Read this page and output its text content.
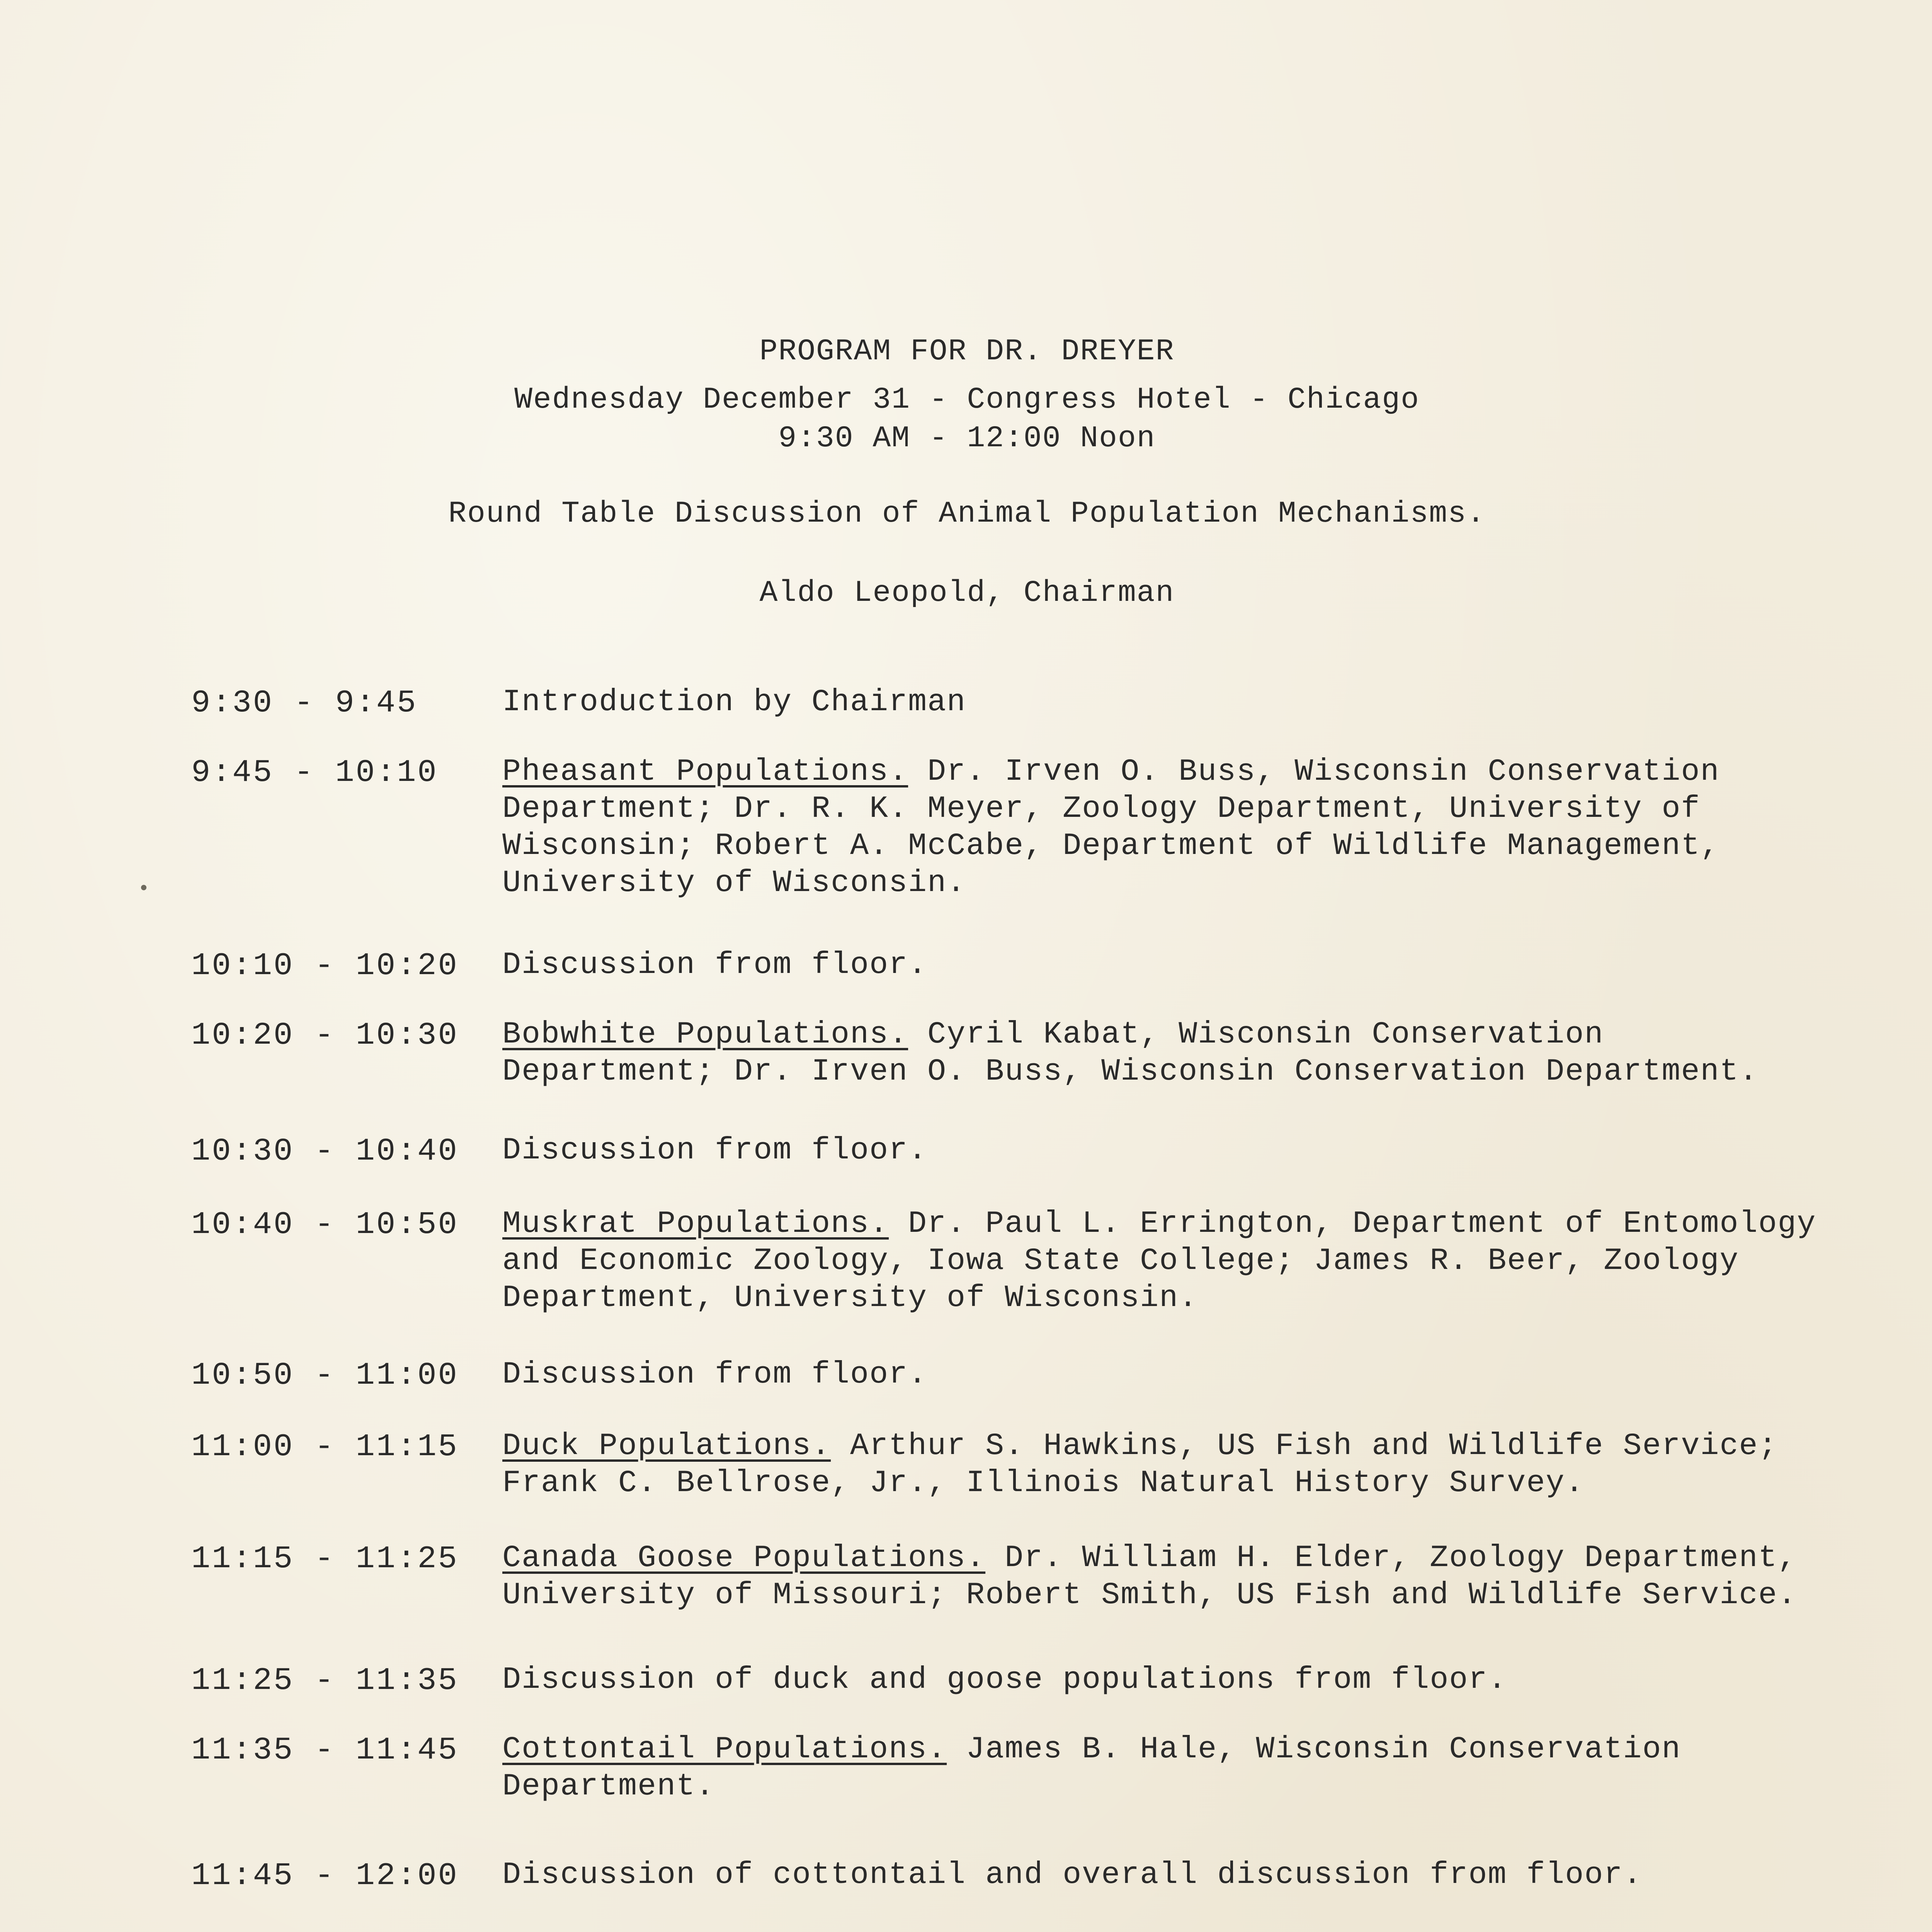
PROGRAM FOR DR. DREYER
Wednesday December 31 - Congress Hotel - Chicago
9:30 AM - 12:00 Noon
Round Table Discussion of Animal Population Mechanisms.
Aldo Leopold, Chairman
9:30 - 9:45	Introduction by Chairman
9:45 - 10:10 Pheasant Populations. Dr. Irven O. Buss, Wisconsin Conservation Department; Dr. R. K. Meyer, Zoology Department, University of Wisconsin; Robert A. McCabe, Department of Wildlife Management, University of Wisconsin.
10:10 - 10:20 Discussion from floor.
10:20 - 10:30 Bobwhite Populations. Cyril Kabat, Wisconsin Conservation Department; Dr. Irven O. Buss, Wisconsin Conservation Department.
10:30 - 10:40 Discussion from floor.
10:40 - 10:50 Muskrat Populations. Dr. Paul L. Errington, Department of Entomology and Economic Zoology, Iowa State College; James R. Beer, Zoology Department, University of Wisconsin.
10:50 - 11:00 Discussion from floor.
11:00 - 11:15 Duck Populations. Arthur S. Hawkins, US Fish and Wildlife Service; Frank C. Bellrose, Jr., Illinois Natural History Survey.
11:15 - 11:25 Canada Goose Populations. Dr. William H. Elder, Zoology Department, University of Missouri; Robert Smith, US Fish and Wildlife Service.
11:25 - 11:35 Discussion of duck and goose populations from floor.
11:35 - 11:45 Cottontail Populations. James B. Hale, Wisconsin Conservation Department.
11:45 - 12:00 Discussion of cottontail and overall discussion from floor.
